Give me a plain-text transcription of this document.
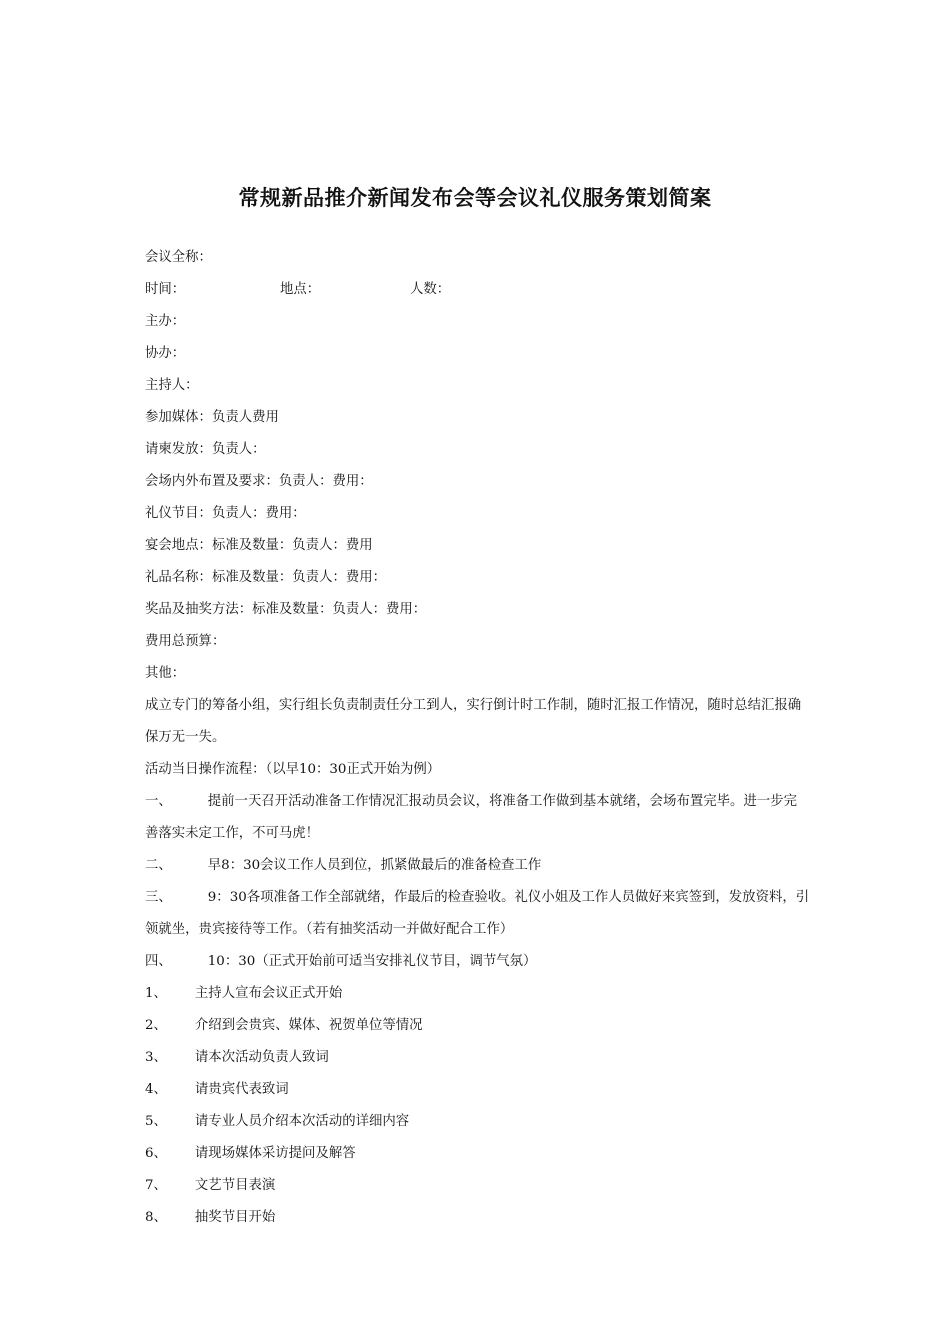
常规新品推介新闻发布会等会议礼仪服务策划简案
会议全称：
时间：	地点：	人数：
主办：
协办：
主持人：
参加媒体：负责人费用
请柬发放：负责人：
会场内外布置及要求：负责人：费用：
礼仪节目：负责人：费用：
宴会地点：标准及数量：负责人：费用
礼品名称：标准及数量：负责人：费用：
奖品及抽奖方法：标准及数量：负责人：费用：
费用总预算：
其他：
成立专门的筹备小组，实行组长负责制责任分工到人，实行倒计时工作制，随时汇报工作情况，随时总结汇报确保万无一失。
活动当日操作流程：（以早10：30正式开始为例）
一、	提前一天召开活动准备工作情况汇报动员会议，将准备工作做到基本就绪，会场布置完毕。进一步完善落实未定工作，不可马虎！
二、	早8：30会议工作人员到位，抓紧做最后的准备检查工作
三、	9：30各项准备工作全部就绪，作最后的检查验收。礼仪小姐及工作人员做好来宾签到，发放资料，引领就坐，贵宾接待等工作。（若有抽奖活动一并做好配合工作）
四、	10：30（正式开始前可适当安排礼仪节目，调节气氛）
1、 主持人宣布会议正式开始
2、 介绍到会贵宾、媒体、祝贺单位等情况
3、 请本次活动负责人致词
4、 请贵宾代表致词
5、 请专业人员介绍本次活动的详细内容
6、 请现场媒体采访提问及解答
7、 文艺节目表演
8、 抽奖节目开始
